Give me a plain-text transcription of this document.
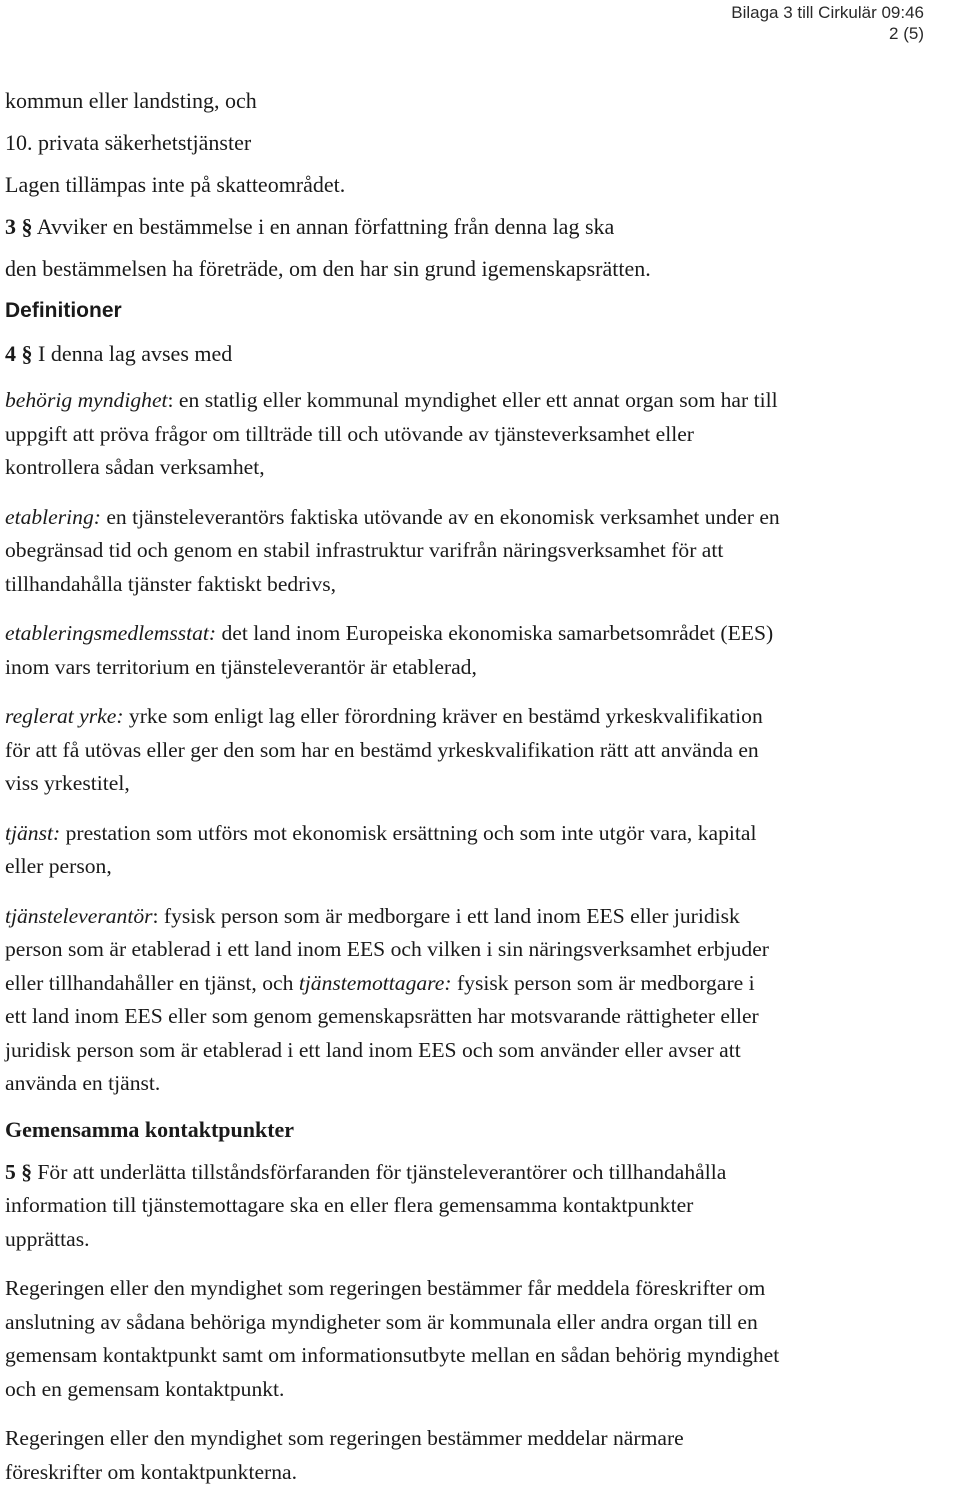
Bilaga 3 till Cirkulär 09:46
2 (5)
kommun eller landsting, och
10. privata säkerhetstjänster
Lagen tillämpas inte på skatteområdet.
3 § Avviker en bestämmelse i en annan författning från denna lag ska
den bestämmelsen ha företräde, om den har sin grund igemenskapsrätten.
Definitioner
4 § I denna lag avses med

behörig myndighet: en statlig eller kommunal myndighet eller ett annat organ som har till

uppgift att pröva frågor om tillträde till och utövande av tjänsteverksamhet eller

kontrollera sådan verksamhet,

etablering: en tjänsteleverantörs faktiska utövande av en ekonomisk verksamhet under en

obegränsad tid och genom en stabil infrastruktur varifrån näringsverksamhet för att

tillhandahålla tjänster faktiskt bedrivs,

etableringsmedlemsstat: det land inom Europeiska ekonomiska samarbetsområdet (EES)

inom vars territorium en tjänsteleverantör är etablerad,

reglerat yrke: yrke som enligt lag eller förordning kräver en bestämd yrkeskvalifikation

för att få utövas eller ger den som har en bestämd yrkeskvalifikation rätt att använda en

viss yrkestitel,

tjänst: prestation som utförs mot ekonomisk ersättning och som inte utgör vara, kapital

eller person,

tjänsteleverantör: fysisk person som är medborgare i ett land inom EES eller juridisk

person som är etablerad i ett land inom EES och vilken i sin näringsverksamhet erbjuder

eller tillhandahåller en tjänst, och tjänstemottagare: fysisk person som är medborgare i

ett land inom EES eller som genom gemenskapsrätten har motsvarande rättigheter eller

juridisk person som är etablerad i ett land inom EES och som använder eller avser att

använda en tjänst.

Gemensamma kontaktpunkter

5 § För att underlätta tillståndsförfaranden för tjänsteleverantörer och tillhandahålla

information till tjänstemottagare ska en eller flera gemensamma kontaktpunkter

upprättas.

Regeringen eller den myndighet som regeringen bestämmer får meddela föreskrifter om

anslutning av sådana behöriga myndigheter som är kommunala eller andra organ till en

gemensam kontaktpunkt samt om informationsutbyte mellan en sådan behörig myndighet

och en gemensam kontaktpunkt.

Regeringen eller den myndighet som regeringen bestämmer meddelar närmare

föreskrifter om kontaktpunkterna.
